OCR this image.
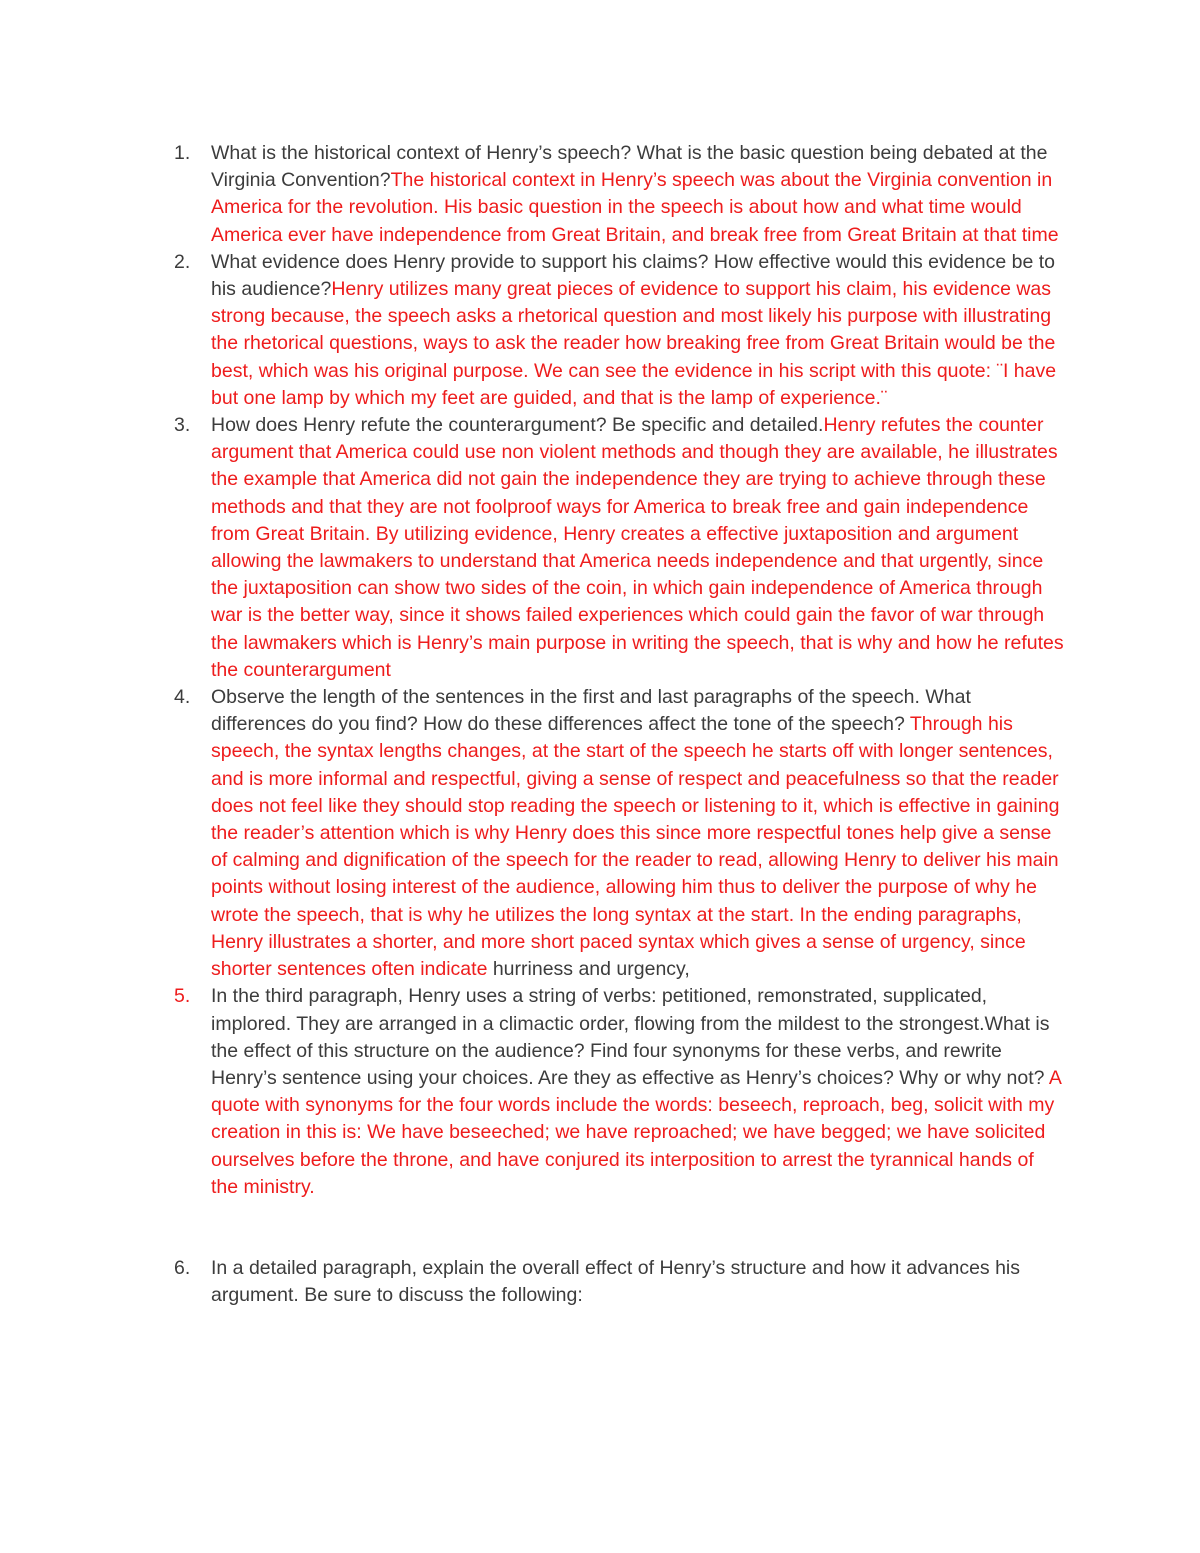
1.	What is the historical context of Henry’s speech? What is the basic question being debated at the Virginia Convention?The historical context in Henry’s speech was about the Virginia convention in America for the revolution. His basic question in the speech is about how and what time would America ever have independence from Great Britain, and break free from Great Britain at that time
2.	What evidence does Henry provide to support his claims? How effective would this evidence be to his audience?Henry utilizes many great pieces of evidence to support his claim, his evidence was strong because, the speech asks a rhetorical question and most likely his purpose with illustrating the rhetorical questions, ways to ask the reader how breaking free from Great Britain would be the best, which was his original purpose. We can see the evidence in his script with this quote: ¨I have but one lamp by which my feet are guided, and that is the lamp of experience.¨
3.	How does Henry refute the counterargument? Be specific and detailed.Henry refutes the counter argument that America could use non violent methods and though they are available, he illustrates the example that America did not gain the independence they are trying to achieve through these methods and that they are not foolproof ways for America to break free and gain independence from Great Britain. By utilizing evidence, Henry creates a effective juxtaposition and argument allowing the lawmakers to understand that America needs independence and that urgently, since the juxtaposition can show two sides of the coin, in which gain independence of America through war is the better way, since it shows failed experiences which could gain the favor of war through the lawmakers which is Henry’s main purpose in writing the speech, that is why and how he refutes the counterargument
4.	Observe the length of the sentences in the first and last paragraphs of the speech. What differences do you find? How do these differences affect the tone of the speech? Through his speech, the syntax lengths changes, at the start of the speech he starts off with longer sentences, and is more informal and respectful, giving a sense of respect and peacefulness so that the reader does not feel like they should stop reading the speech or listening to it, which is effective in gaining the reader’s attention which is why Henry does this since more respectful tones help give a sense of calming and dignification of the speech for the reader to read, allowing Henry to deliver his main points without losing interest of the audience, allowing him thus to deliver the purpose of why he wrote the speech, that is why he utilizes the long syntax at the start. In the ending paragraphs, Henry illustrates a shorter, and more short paced syntax which gives a sense of urgency, since shorter sentences often indicate hurriness and urgency,
5.	In the third paragraph, Henry uses a string of verbs: petitioned, remonstrated, supplicated, implored. They are arranged in a climactic order, flowing from the mildest to the strongest.What is the effect of this structure on the audience? Find four synonyms for these verbs, and rewrite Henry’s sentence using your choices. Are they as effective as Henry’s choices? Why or why not? A quote with synonyms for the four words include the words: beseech, reproach, beg, solicit with my creation in this is: We have beseeched; we have reproached; we have begged; we have solicited ourselves before the throne, and have conjured its interposition to arrest the tyrannical hands of the ministry.
6.	In a detailed paragraph, explain the overall effect of Henry’s structure and how it advances his argument. Be sure to discuss the following:
